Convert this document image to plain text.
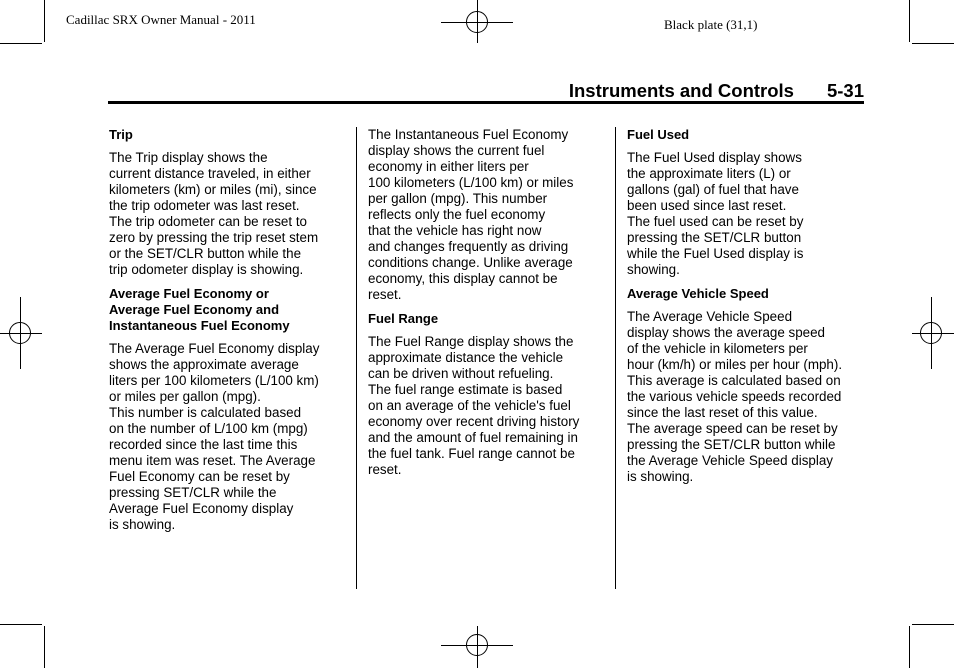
Cadillac SRX Owner Manual - 2011	Black plate (31,1)
Instruments and Controls 5-31
Trip
The Trip display shows the
current distance traveled, in either
kilometers (km) or miles (mi), since
the trip odometer was last reset.
The trip odometer can be reset to
zero by pressing the trip reset stem
or the SET/CLR button while the
trip odometer display is showing.
Average Fuel Economy or
Average Fuel Economy and
Instantaneous Fuel Economy
The Average Fuel Economy display
shows the approximate average
liters per 100 kilometers (L/100 km)
or miles per gallon (mpg).
This number is calculated based
on the number of L/100 km (mpg)
recorded since the last time this
menu item was reset. The Average
Fuel Economy can be reset by
pressing SET/CLR while the
Average Fuel Economy display
is showing.
The Instantaneous Fuel Economy
display shows the current fuel
economy in either liters per
100 kilometers (L/100 km) or miles
per gallon (mpg). This number
reflects only the fuel economy
that the vehicle has right now
and changes frequently as driving
conditions change. Unlike average
economy, this display cannot be
reset.
Fuel Range
The Fuel Range display shows the
approximate distance the vehicle
can be driven without refueling.
The fuel range estimate is based
on an average of the vehicle's fuel
economy over recent driving history
and the amount of fuel remaining in
the fuel tank. Fuel range cannot be
reset.
Fuel Used
The Fuel Used display shows
the approximate liters (L) or
gallons (gal) of fuel that have
been used since last reset.
The fuel used can be reset by
pressing the SET/CLR button
while the Fuel Used display is
showing.
Average Vehicle Speed
The Average Vehicle Speed
display shows the average speed
of the vehicle in kilometers per
hour (km/h) or miles per hour (mph).
This average is calculated based on
the various vehicle speeds recorded
since the last reset of this value.
The average speed can be reset by
pressing the SET/CLR button while
the Average Vehicle Speed display
is showing.
